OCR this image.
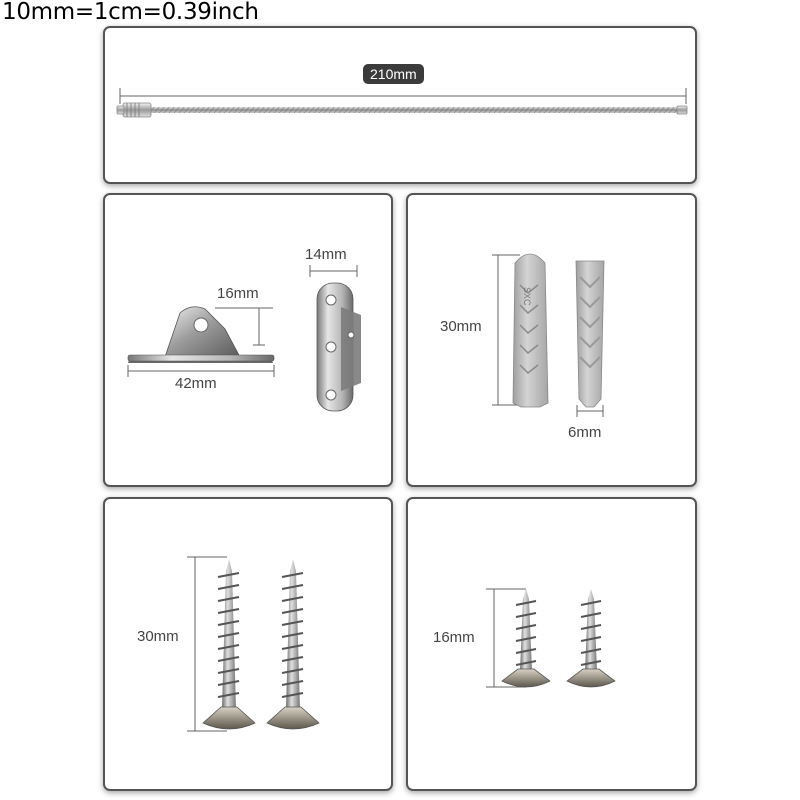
10mm=1cm=0.39inch
210mm
16mm
42mm
14mm
SXC
30mm
6mm
30mm	16mm
